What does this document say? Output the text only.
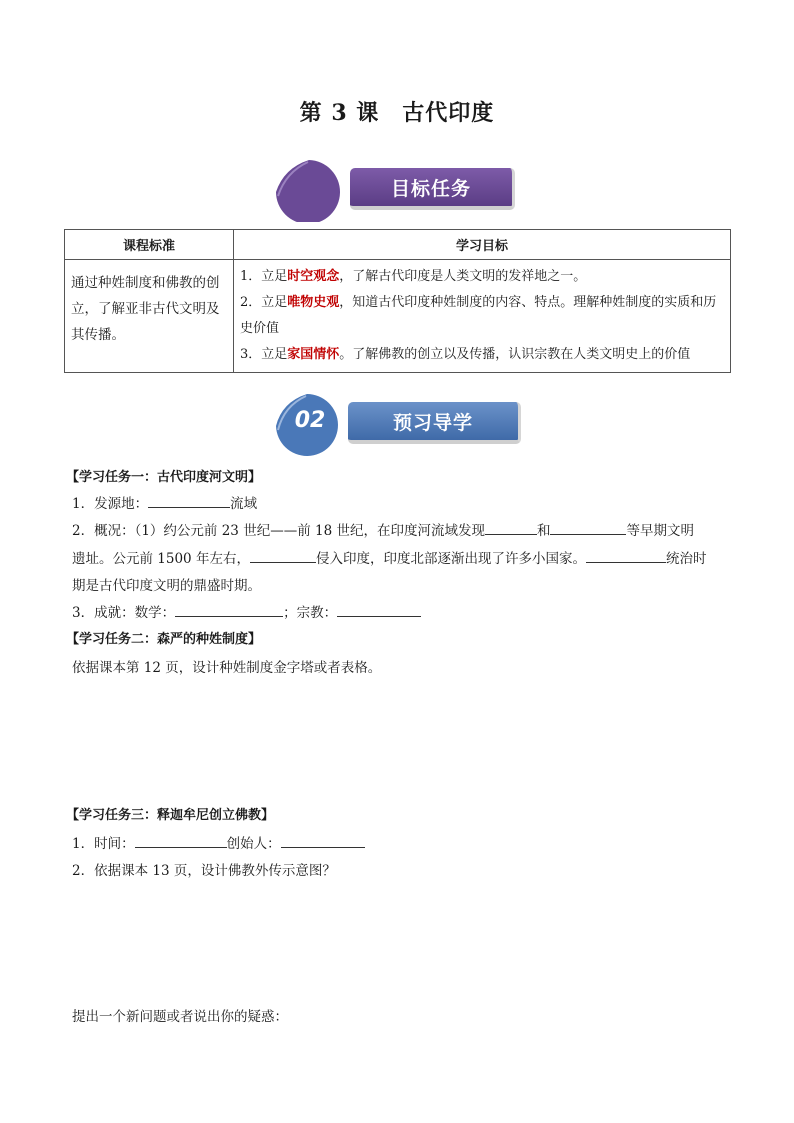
第 3 课　古代印度
目标任务
课程标准	学习目标
通过种姓制度和佛教的创立，了解亚非古代文明及其传播。	1．立足时空观念，了解古代印度是人类文明的发祥地之一。
2．立足唯物史观，知道古代印度种姓制度的内容、特点。理解种姓制度的实质和历史价值
3．立足家国情怀。了解佛教的创立以及传播，认识宗教在人类文明史上的价值
02	预习导学
【学习任务一：古代印度河文明】
1．发源地：	流域
2．概况：（1）约公元前 23 世纪——前 18 世纪，在印度河流域发现	和	等早期文明
遗址。公元前 1500 年左右，	侵入印度，印度北部逐渐出现了许多小国家。	统治时
期是古代印度文明的鼎盛时期。
3．成就：数学：	；宗教：
【学习任务二：森严的种姓制度】
依据课本第 12 页，设计种姓制度金字塔或者表格。
【学习任务三：释迦牟尼创立佛教】
1．时间：	创始人：
2．依据课本 13 页，设计佛教外传示意图？
提出一个新问题或者说出你的疑惑：
